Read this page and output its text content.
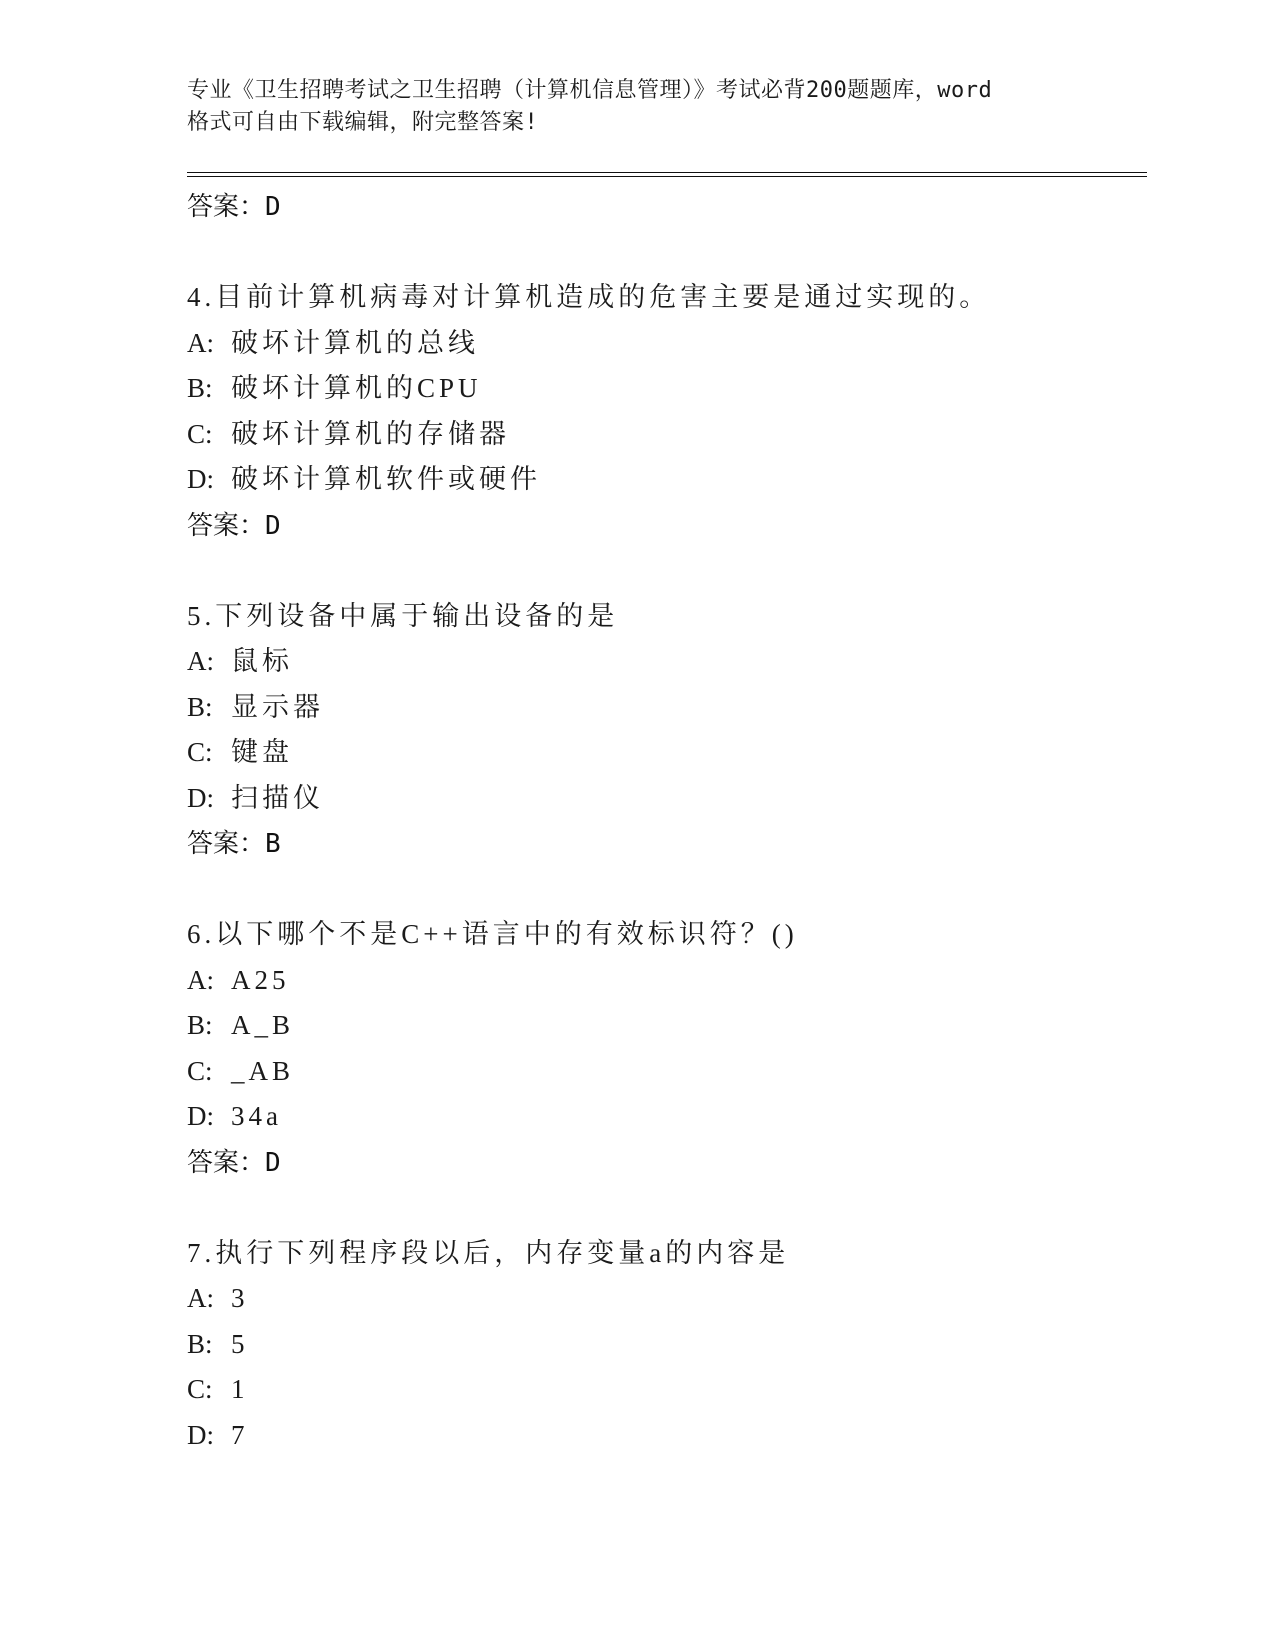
专业《卫生招聘考试之卫生招聘（计算机信息管理）》考试必背200题题库，word
格式可自由下载编辑，附完整答案!
答案：D
4.目前计算机病毒对计算机造成的危害主要是通过实现的。
A: 破坏计算机的总线
B: 破坏计算机的CPU
C: 破坏计算机的存储器
D: 破坏计算机软件或硬件
答案：D
5.下列设备中属于输出设备的是
A: 鼠标
B: 显示器
C: 键盘
D: 扫描仪
答案：B
6.以下哪个不是C++语言中的有效标识符？()
A: A25
B: A_B
C: _AB
D: 34a
答案：D
7.执行下列程序段以后，内存变量a的内容是
A: 3
B: 5
C: 1
D: 7
